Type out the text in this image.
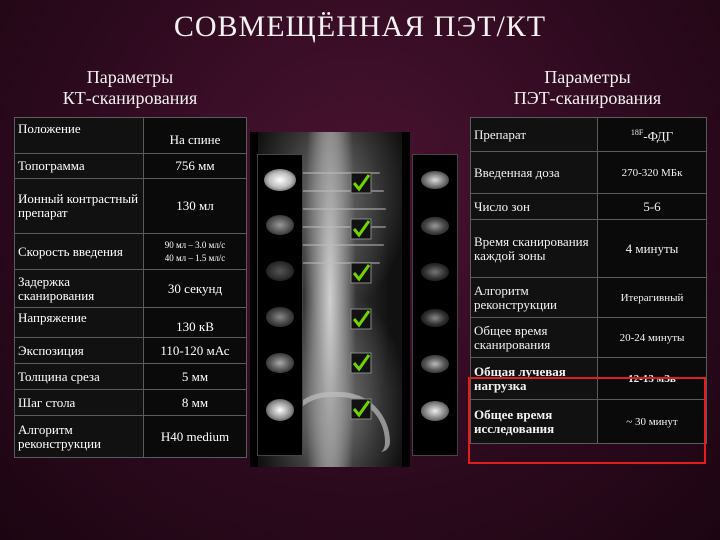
СОВМЕЩЁННАЯ ПЭТ/КТ
Параметры
КТ-сканирования
Параметры
ПЭТ-сканирования
Положение	На спине
Топограмма	756 мм
Ионный контрастный препарат	130 мл
Скорость введения	90 мл – 3.0 мл/с
40 мл – 1.5 мл/с

Задержка сканирования	30 секунд
Напряжение	130 кВ
Экспозиция	110-120 мАс
Толщина среза	5 мм
Шаг стола	8 мм
Алгоритм реконструкции	H40 medium
Препарат	$^{18F}$-ФДГ
Введенная доза	270-320 МБк
Число зон	5-6
Время сканирования каждой зоны	4 минуты
Алгоритм реконструкции	Итерагивный
Общее время сканирования	20-24 минуты
Общая лучевая нагрузка	12-13 мЗв
Общее время исследования	~ 30 минут
